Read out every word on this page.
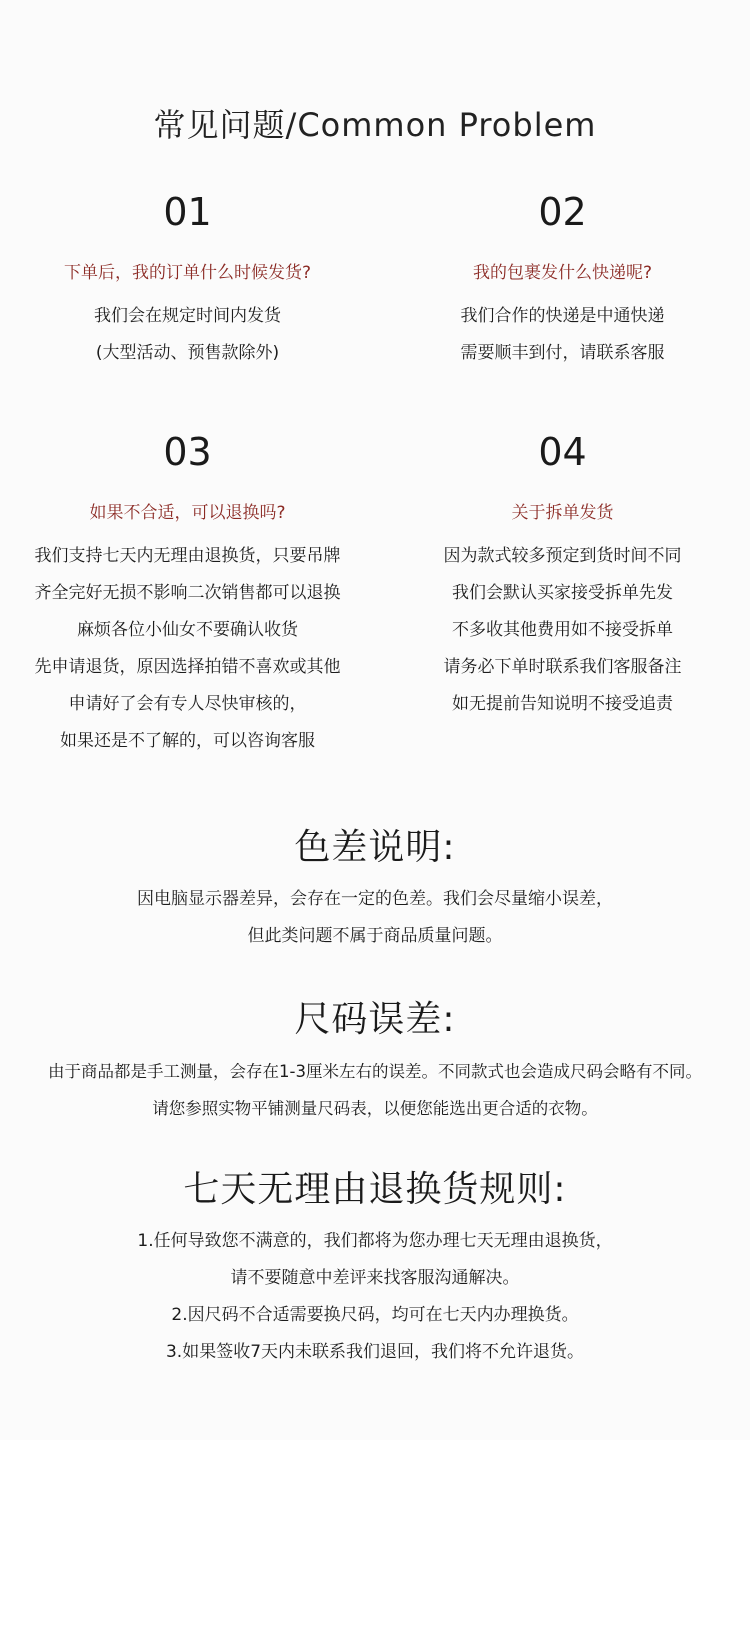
常见问题/Common Problem
01
下单后，我的订单什么时候发货?
我们会在规定时间内发货
(大型活动、预售款除外)
02
我的包裹发什么快递呢?
我们合作的快递是中通快递
需要顺丰到付，请联系客服
03
如果不合适，可以退换吗?
我们支持七天内无理由退换货，只要吊牌
齐全完好无损不影响二次销售都可以退换
麻烦各位小仙女不要确认收货
先申请退货，原因选择拍错不喜欢或其他
申请好了会有专人尽快审核的，
如果还是不了解的，可以咨询客服
04
关于拆单发货
因为款式较多预定到货时间不同
我们会默认买家接受拆单先发
不多收其他费用如不接受拆单
请务必下单时联系我们客服备注
如无提前告知说明不接受追责
色差说明:
因电脑显示器差异，会存在一定的色差。我们会尽量缩小误差，
但此类问题不属于商品质量问题。
尺码误差:
由于商品都是手工测量，会存在1-3厘米左右的误差。不同款式也会造成尺码会略有不同。
请您参照实物平铺测量尺码表，以便您能选出更合适的衣物。
七天无理由退换货规则:
1.任何导致您不满意的，我们都将为您办理七天无理由退换货，
请不要随意中差评来找客服沟通解决。
2.因尺码不合适需要换尺码，均可在七天内办理换货。
3.如果签收7天内未联系我们退回，我们将不允许退货。
